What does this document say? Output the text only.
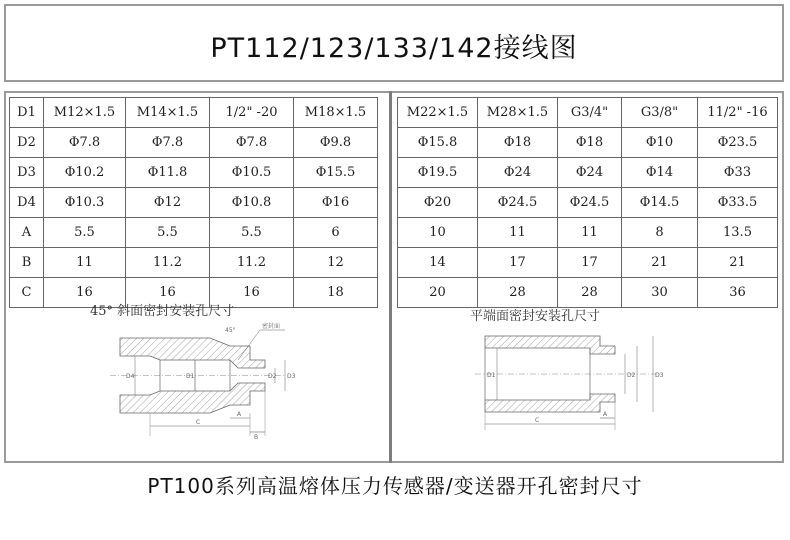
PT112/123/133/142接线图
D1	M12×1.5	M14×1.5	1/2" -20	M18×1.5
D2	Φ7.8	Φ7.8	Φ7.8	Φ9.8
D3	Φ10.2	Φ11.8	Φ10.5	Φ15.5
D4	Φ10.3	Φ12	Φ10.8	Φ16
A	5.5	5.5	5.5	6
B	11	11.2	11.2	12
C	16	16	16	18
M22×1.5	M28×1.5	G3/4"	G3/8"	11/2" -16
Φ15.8	Φ18	Φ18	Φ10	Φ23.5
Φ19.5	Φ24	Φ24	Φ14	Φ33
Φ20	Φ24.5	Φ24.5	Φ14.5	Φ33.5
10	11	11	8	13.5
14	17	17	21	21
20	28	28	30	36
45° 斜面密封安装孔尺寸	平端面密封安装孔尺寸
密封面
45°
C
A
B
D4	D1	D2 D3
C
A
D1	D2	D3
PT100系列高温熔体压力传感器/变送器开孔密封尺寸
